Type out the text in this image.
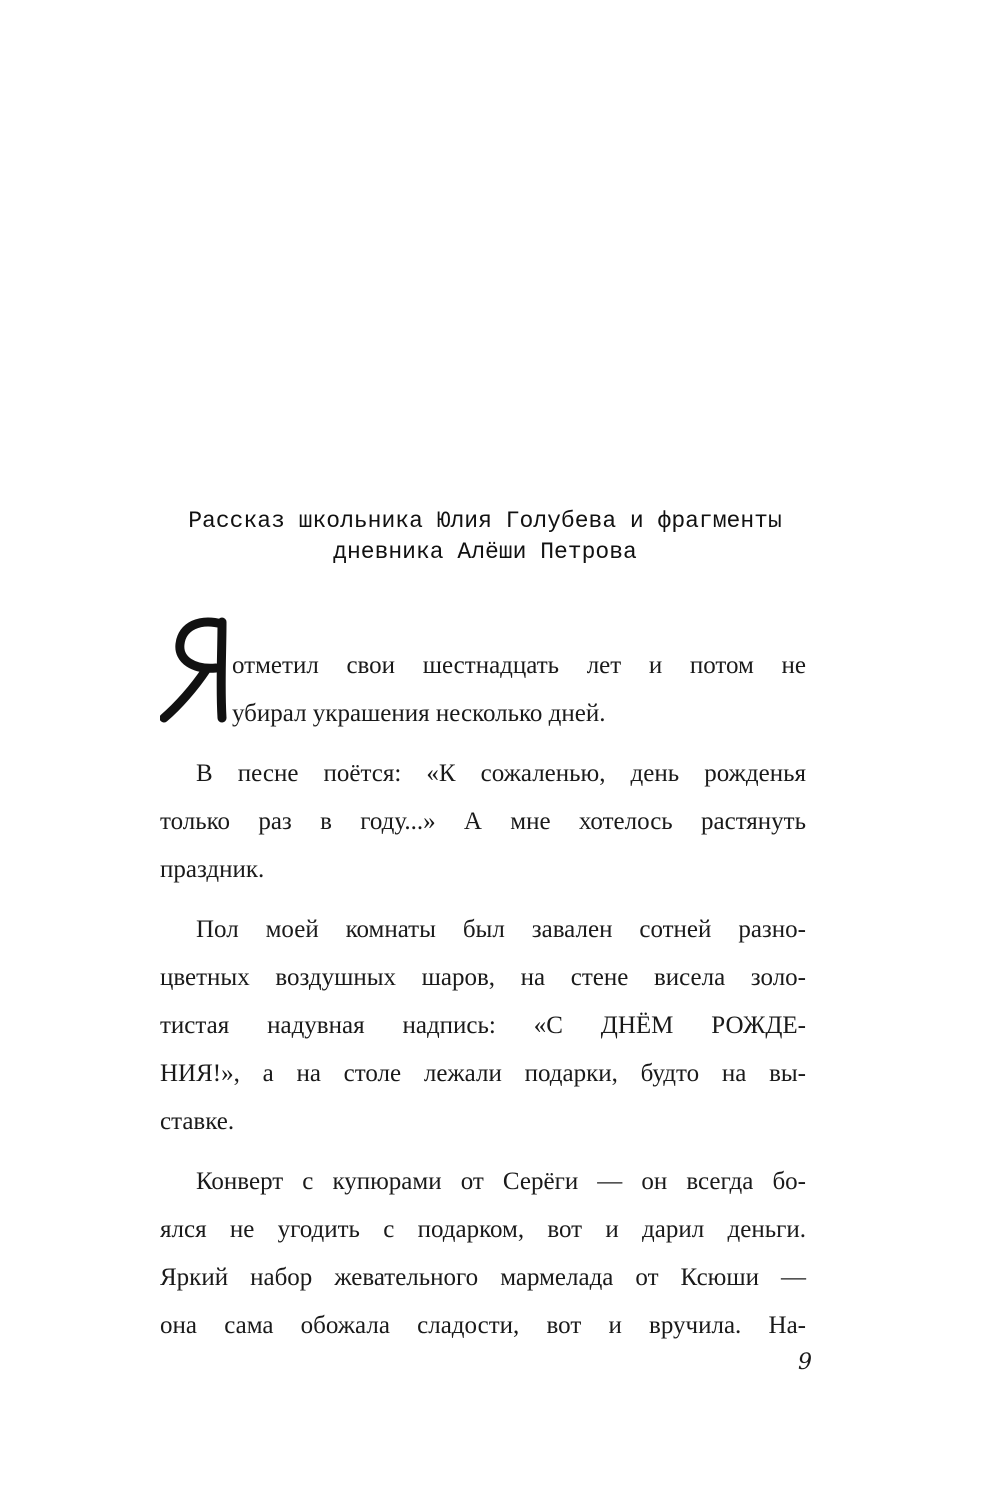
Рассказ школьника Юлия Голубева и фрагменты
дневника Алёши Петрова
отметил свои шестнадцать лет и потом не
убирал украшения несколько дней.
В песне поётся: «К сожаленью, день рожденья
только раз в году...» А мне хотелось растянуть
праздник.
Пол моей комнаты был завален сотней разно-
цветных воздушных шаров, на стене висела золо-
тистая надувная надпись: «С ДНЁМ РОЖДЕ-
НИЯ!», а на столе лежали подарки, будто на вы-
ставке.
Конверт с купюрами от Серёги — он всегда бо-
ялся не угодить с подарком, вот и дарил деньги.
Яркий набор жевательного мармелада от Ксюши —
она сама обожала сладости, вот и вручила. На-
9
